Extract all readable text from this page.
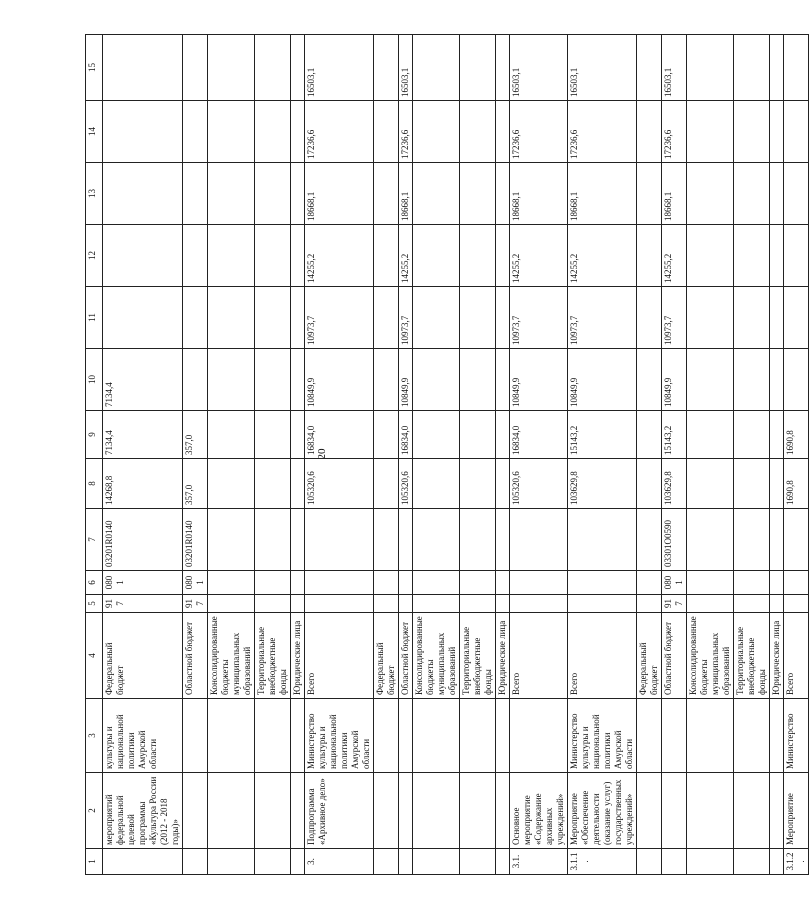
20
1	2	3	4	5	6	7	8	9	10	11	12	13	14	15
	мероприятий федеральной целевой программы «Культура России (2012 - 2018 годы)»	культуры и национальной политики Амурской области	Федеральный бюджет	917	0801	03201R0140	14268,8	7134,4	7134,4					
			Областной бюджет	917	0801	03201R0140	357,0	357,0						
			Консолидированные бюджеты муниципальных образований											
			Территориальные внебюджетные фонды											
			Юридические лица											
3.	Подпрограмма «Архивное дело»	Министерство культуры и национальной политики Амурской области	Всего				105320,6	16834,0	10849,9	10973,7	14255,2	18668,1	17236,6	16503,1
			Федеральный бюджет											
			Областной бюджет				105320,6	16834,0	10849,9	10973,7	14255,2	18668,1	17236,6	16503,1
			Консолидированные бюджеты муниципальных образований											
			Территориальные внебюджетные фонды											
			Юридические лица											
3.1.	Основное мероприятие «Содержание архивных учреждений»		Всего				105320,6	16834,0	10849,9	10973,7	14255,2	18668,1	17236,6	16503,1
3.1.1.	Мероприятие «Обеспечение деятельности (оказание услуг) государственных учреждений»	Министерство культуры и национальной политики Амурской области	Всего				103629,8	15143,2	10849,9	10973,7	14255,2	18668,1	17236,6	16503,1
			Федеральный бюджет											
			Областной бюджет	917	0801	03301O0590	103629,8	15143,2	10849,9	10973,7	14255,2	18668,1	17236,6	16503,1
			Консолидированные бюджеты муниципальных образований											
			Территориальные внебюджетные фонды											
			Юридические лица											
3.1.2.	Мероприятие	Министерство	Всего				1690,8	1690,8						
